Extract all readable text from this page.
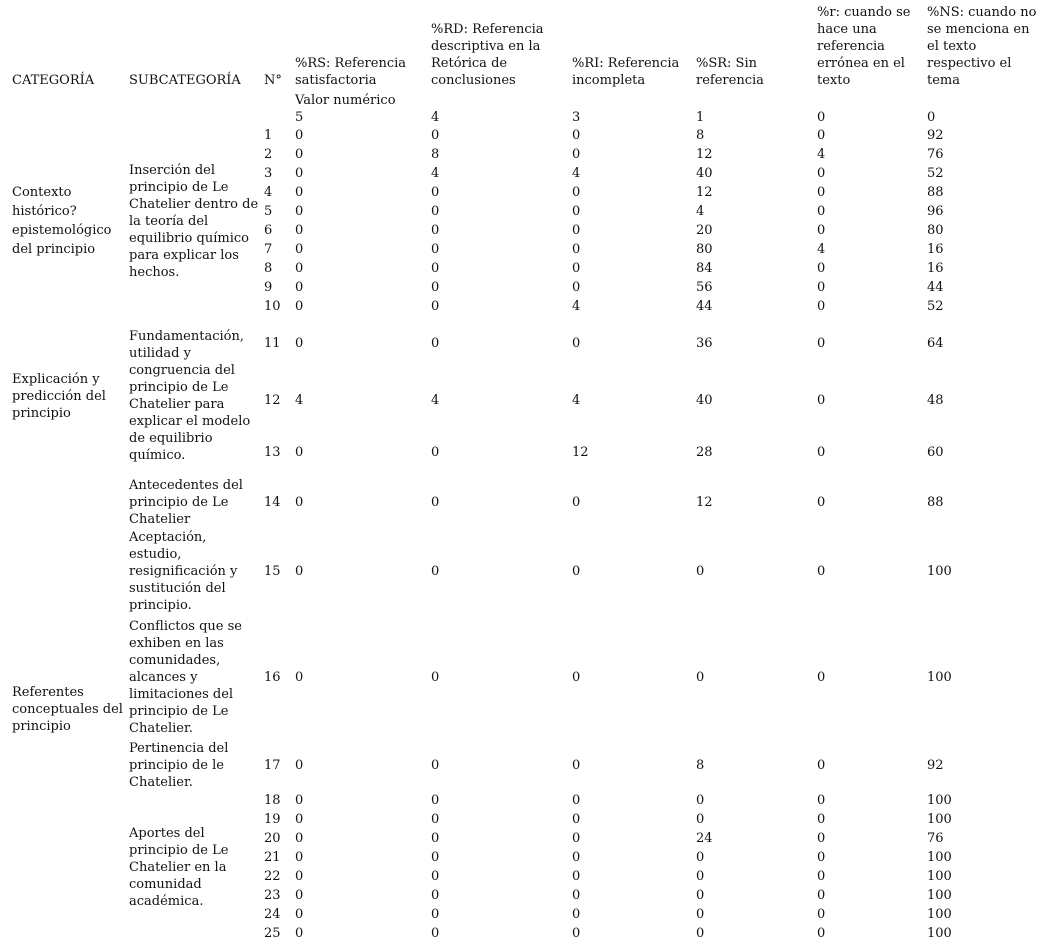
CATEGORÍA	SUBCATEGORÍA	N°	%RS: Referencia satisfactoria	%RD: Referencia descriptiva en la Retórica de conclusiones	%RI: Referencia incompleta	%SR: Sin referencia	%r: cuando se hace una referencia errónea en el texto	%NS: cuando no se menciona en el texto respectivo el tema
			Valor numérico					
			5	4	3	1	0	0
Contexto histórico? epistemológico
del principio	Inserción del principio de Le Chatelier dentro de la teoría del equilibrio químico para explicar los hechos.	1	0	0	0	8	0	92
		2	0	8	0	12	4	76
		3	0	4	4	40	0	52
		4	0	0	0	12	0	88
		5	0	0	0	4	0	96
		6	0	0	0	20	0	80
		7	0	0	0	80	4	16
		8	0	0	0	84	0	16
		9	0	0	0	56	0	44
		10	0	0	4	44	0	52
Explicación y predicción del principio	Fundamentación,
utilidad y congruencia del principio de Le Chatelier para explicar el modelo de equilibrio químico.	11	0	0	0	36	0	64
		12	4	4	4	40	0	48
		13	0	0	12	28	0	60
Referentes conceptuales del principio	Antecedentes del principio de Le Chatelier	14	0	0	0	12	0	88
	Aceptación, estudio, resignificación y sustitución del principio.	15	0	0	0	0	0	100
	Conflictos que se exhiben en las comunidades, alcances y limitaciones del principio de Le Chatelier.	16	0	0	0	0	0	100
	Pertinencia del principio de le Chatelier.	17	0	0	0	8	0	92
	Aportes del principio de Le Chatelier en la comunidad académica.	18	0	0	0	0	0	100
		19	0	0	0	0	0	100
		20	0	0	0	24	0	76
		21	0	0	0	0	0	100
		22	0	0	0	0	0	100
		23	0	0	0	0	0	100
		24	0	0	0	0	0	100
		25	0	0	0	0	0	100
